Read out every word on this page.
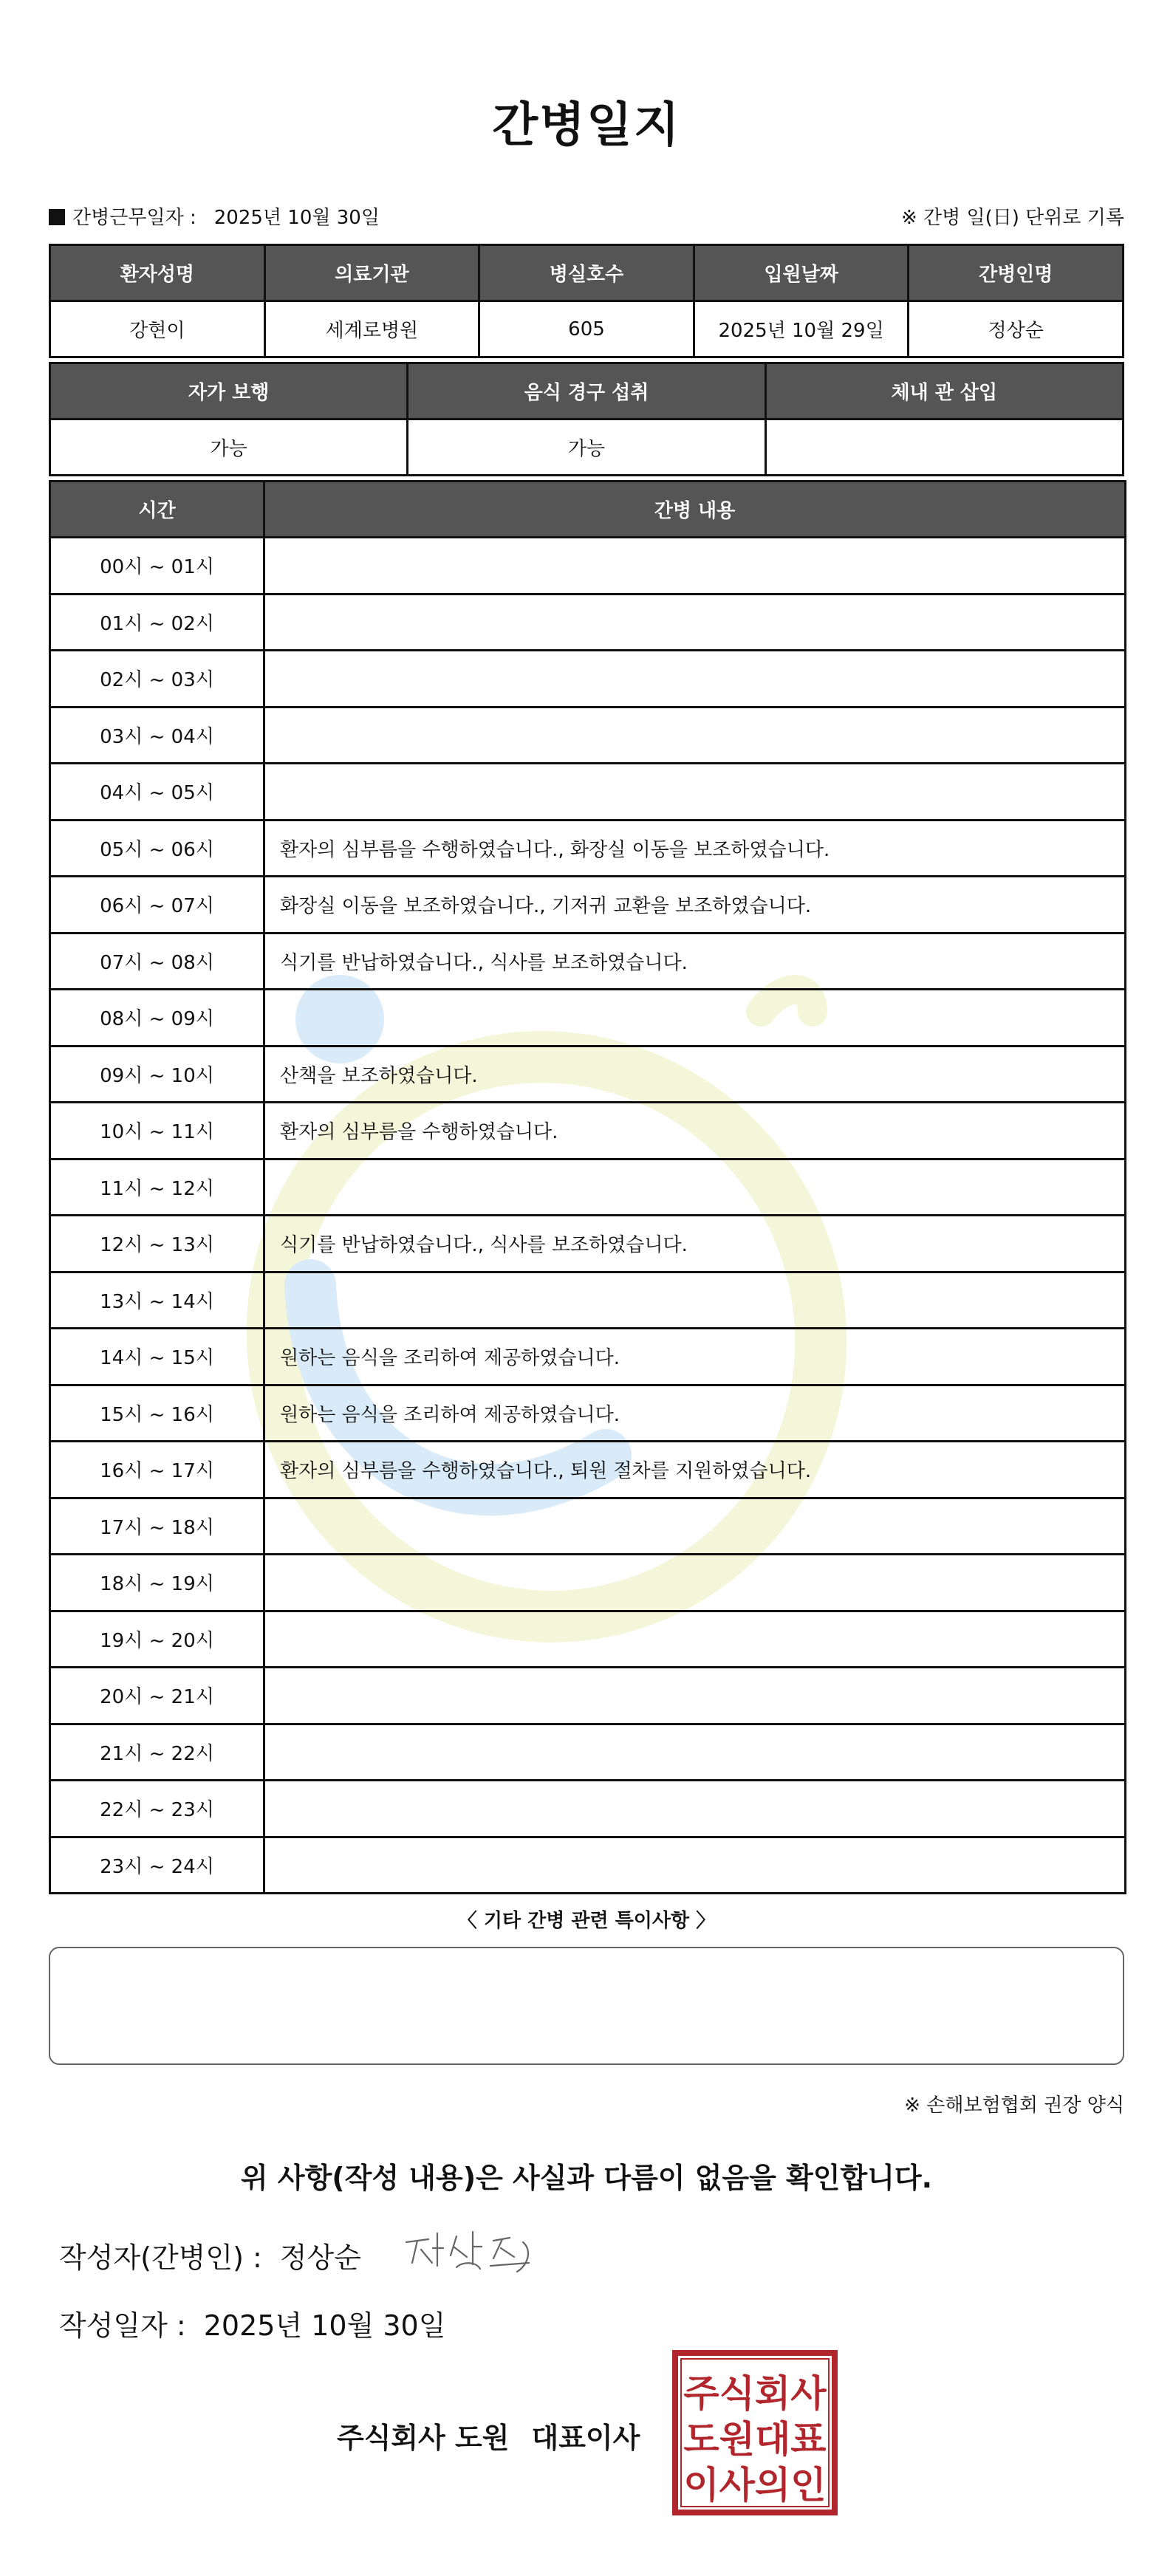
간병일지
간병근무일자 : 2025년 10월 30일	※ 간병 일(日) 단위로 기록
환자성명	의료기관	병실호수	입원날짜	간병인명
강현이	세계로병원	605	2025년 10월 29일	정상순
자가 보행	음식 경구 섭취	체내 관 삽입
가능	가능	
시간	간병 내용
00시 ~ 01시	
01시 ~ 02시	
02시 ~ 03시	
03시 ~ 04시	
04시 ~ 05시	
05시 ~ 06시	환자의 심부름을 수행하였습니다., 화장실 이동을 보조하였습니다.
06시 ~ 07시	화장실 이동을 보조하였습니다., 기저귀 교환을 보조하였습니다.
07시 ~ 08시	식기를 반납하였습니다., 식사를 보조하였습니다.
08시 ~ 09시	
09시 ~ 10시	산책을 보조하였습니다.
10시 ~ 11시	환자의 심부름을 수행하였습니다.
11시 ~ 12시	
12시 ~ 13시	식기를 반납하였습니다., 식사를 보조하였습니다.
13시 ~ 14시	
14시 ~ 15시	원하는 음식을 조리하여 제공하였습니다.
15시 ~ 16시	원하는 음식을 조리하여 제공하였습니다.
16시 ~ 17시	환자의 심부름을 수행하였습니다., 퇴원 절차를 지원하였습니다.
17시 ~ 18시	
18시 ~ 19시	
19시 ~ 20시	
20시 ~ 21시	
21시 ~ 22시	
22시 ~ 23시	
23시 ~ 24시	
〈 기타 간병 관련 특이사항 〉
※ 손해보험협회 권장 양식
위 사항(작성 내용)은 사실과 다름이 없음을 확인합니다.
작성자(간병인) : 정상순
작성일자 : 2025년 10월 30일
주식회사 도원 대표이사
주식회사
도원대표
이사의인
